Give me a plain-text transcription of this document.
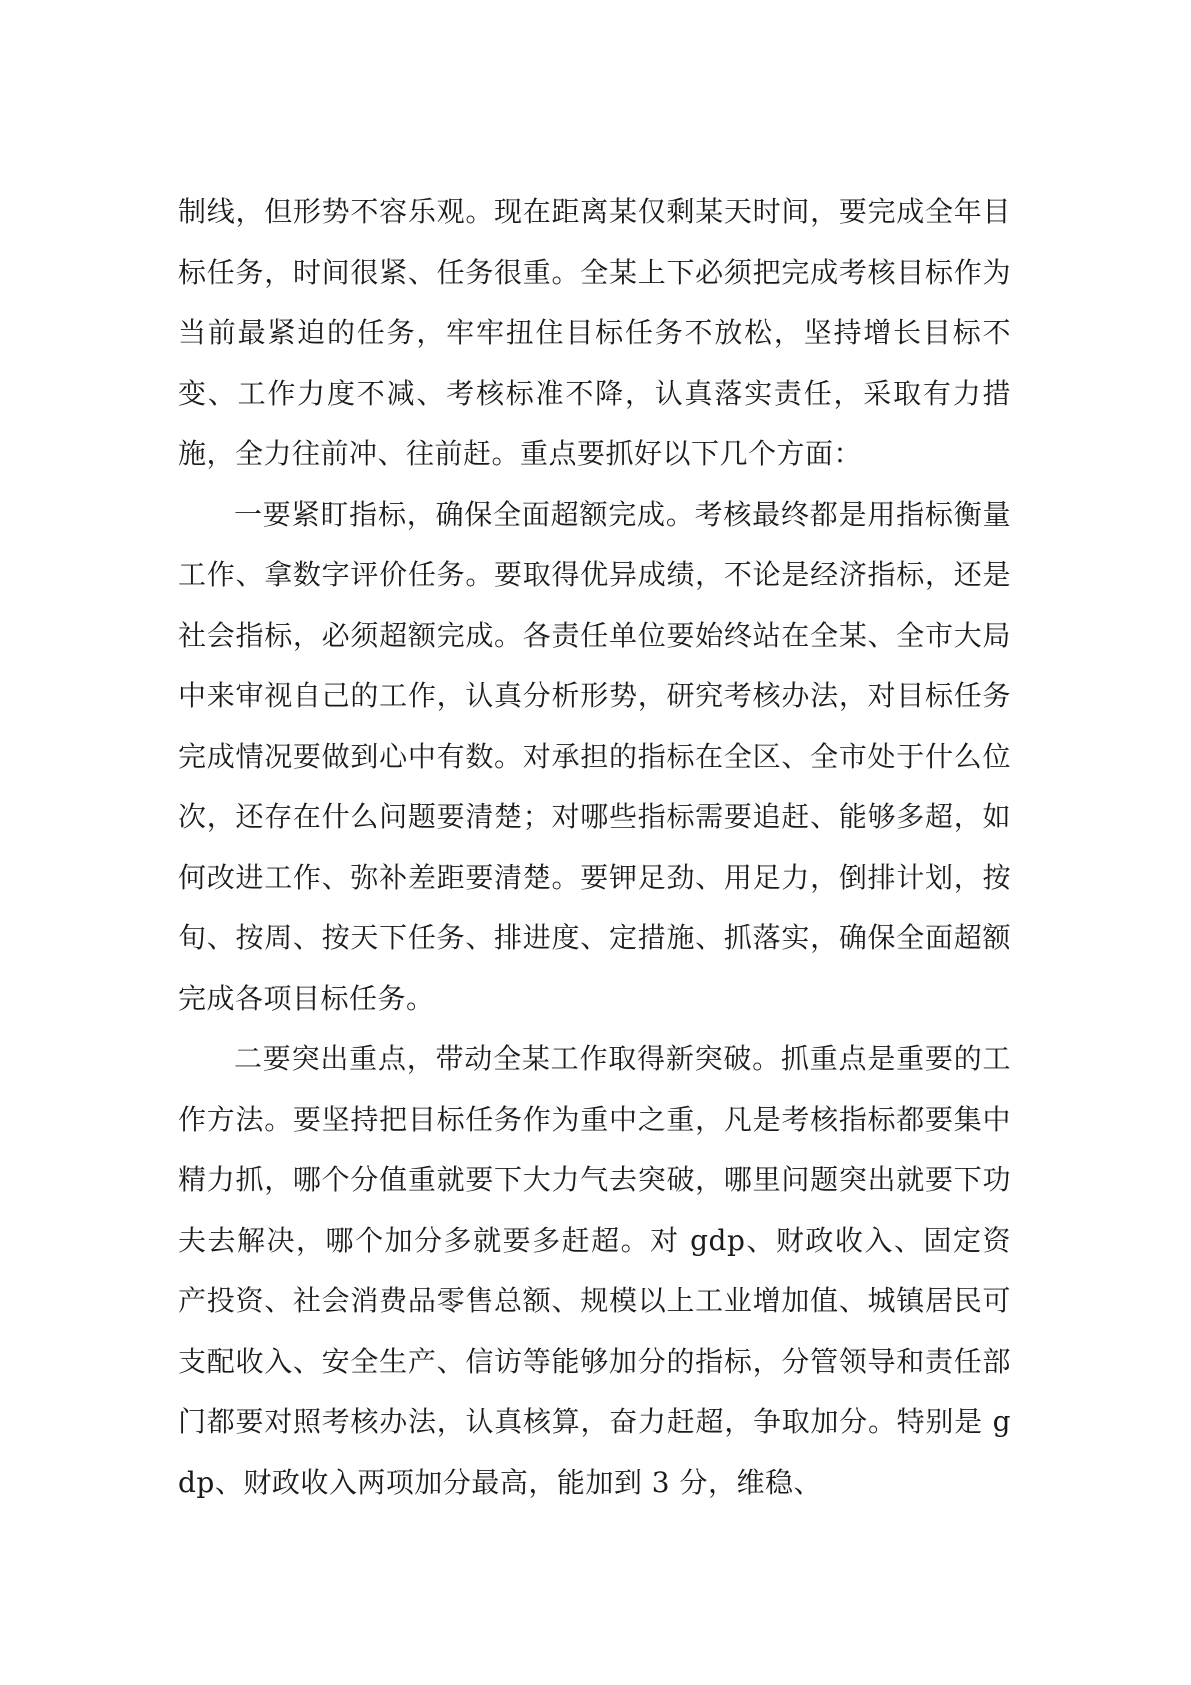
制线，但形势不容乐观。现在距离某仅剩某天时间，要完成全年目标任务，时间很紧、任务很重。全某上下必须把完成考核目标作为当前最紧迫的任务，牢牢扭住目标任务不放松，坚持增长目标不变、工作力度不减、考核标准不降，认真落实责任，采取有力措施，全力往前冲、往前赶。重点要抓好以下几个方面：

一要紧盯指标，确保全面超额完成。考核最终都是用指标衡量工作、拿数字评价任务。要取得优异成绩，不论是经济指标，还是社会指标，必须超额完成。各责任单位要始终站在全某、全市大局中来审视自己的工作，认真分析形势，研究考核办法，对目标任务完成情况要做到心中有数。对承担的指标在全区、全市处于什么位次，还存在什么问题要清楚；对哪些指标需要追赶、能够多超，如何改进工作、弥补差距要清楚。要钾足劲、用足力，倒排计划，按旬、按周、按天下任务、排进度、定措施、抓落实，确保全面超额完成各项目标任务。

二要突出重点，带动全某工作取得新突破。抓重点是重要的工作方法。要坚持把目标任务作为重中之重，凡是考核指标都要集中精力抓，哪个分值重就要下大力气去突破，哪里问题突出就要下功夫去解决，哪个加分多就要多赶超。对 gdp、财政收入、固定资产投资、社会消费品零售总额、规模以上工业增加值、城镇居民可支配收入、安全生产、信访等能够加分的指标，分管领导和责任部门都要对照考核办法，认真核算，奋力赶超，争取加分。特别是 gdp、财政收入两项加分最高，能加到 3 分，维稳、
